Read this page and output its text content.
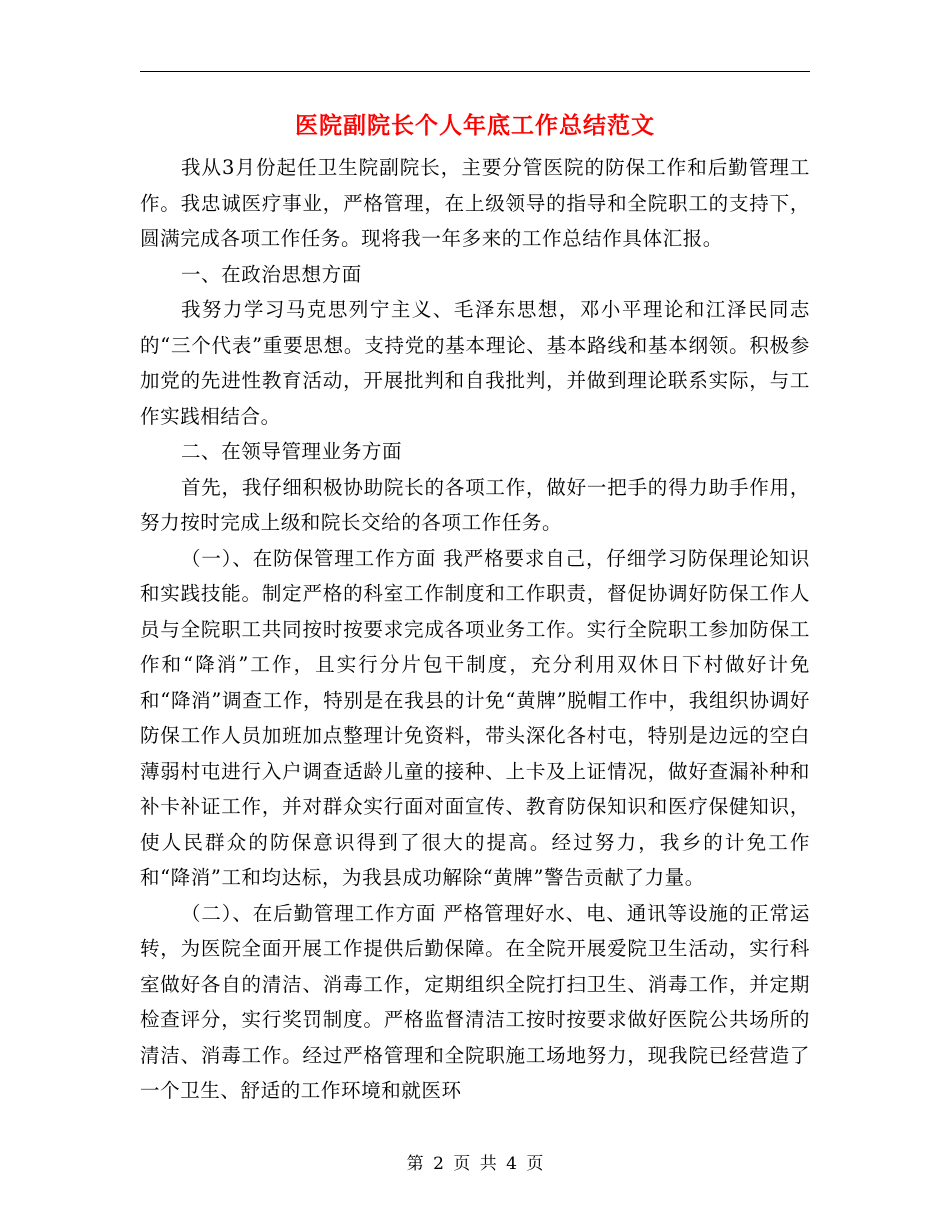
医院副院长个人年底工作总结范文

我从3月份起任卫生院副院长，主要分管医院的防保工作和后勤管理工作。我忠诚医疗事业，严格管理，在上级领导的指导和全院职工的支持下，圆满完成各项工作任务。现将我一年多来的工作总结作具体汇报。

一、在政治思想方面

我努力学习马克思列宁主义、毛泽东思想，邓小平理论和江泽民同志的“三个代表”重要思想。支持党的基本理论、基本路线和基本纲领。积极参加党的先进性教育活动，开展批判和自我批判，并做到理论联系实际，与工作实践相结合。

二、在领导管理业务方面

首先，我仔细积极协助院长的各项工作，做好一把手的得力助手作用，努力按时完成上级和院长交给的各项工作任务。

（一）、在防保管理工作方面 我严格要求自己，仔细学习防保理论知识和实践技能。制定严格的科室工作制度和工作职责，督促协调好防保工作人员与全院职工共同按时按要求完成各项业务工作。实行全院职工参加防保工作和“降消”工作，且实行分片包干制度，充分利用双休日下村做好计免和“降消”调查工作，特别是在我县的计免“黄牌”脱帽工作中，我组织协调好防保工作人员加班加点整理计免资料，带头深化各村屯，特别是边远的空白薄弱村屯进行入户调查适龄儿童的接种、上卡及上证情况，做好查漏补种和补卡补证工作，并对群众实行面对面宣传、教育防保知识和医疗保健知识，使人民群众的防保意识得到了很大的提高。经过努力，我乡的计免工作和“降消”工和均达标，为我县成功解除“黄牌”警告贡献了力量。

（二）、在后勤管理工作方面 严格管理好水、电、通讯等设施的正常运转，为医院全面开展工作提供后勤保障。在全院开展爱院卫生活动，实行科室做好各自的清洁、消毒工作，定期组织全院打扫卫生、消毒工作，并定期检查评分，实行奖罚制度。严格监督清洁工按时按要求做好医院公共场所的清洁、消毒工作。经过严格管理和全院职施工场地努力，现我院已经营造了一个卫生、舒适的工作环境和就医环

第 2 页 共 4 页
